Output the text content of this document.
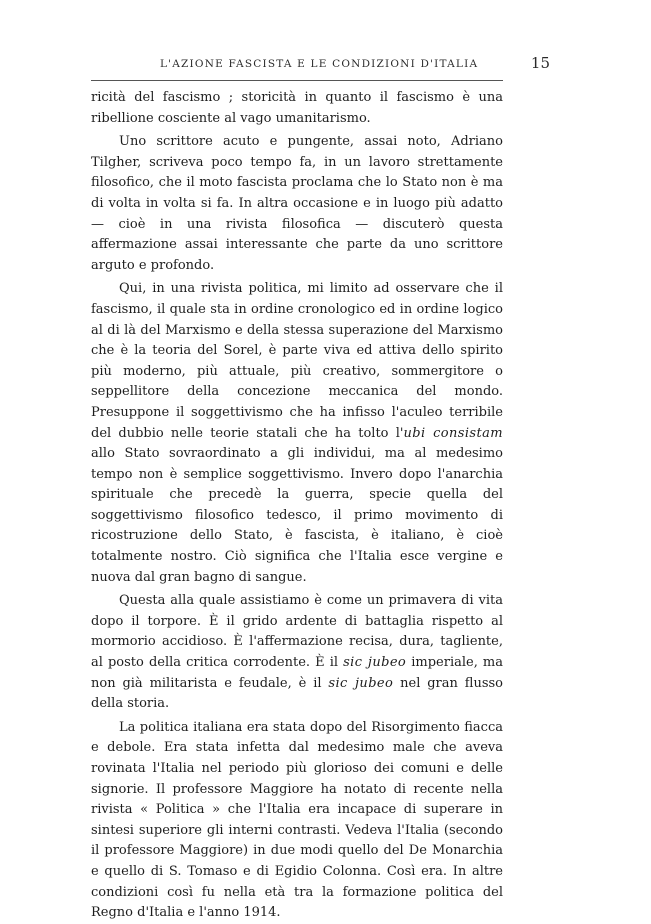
L'AZIONE FASCISTA E LE CONDIZIONI D'ITALIA	15

ricità del fascismo ; storicità in quanto il fascismo è una ribellione cosciente al vago umanitarismo.

Uno scrittore acuto e pungente, assai noto, Adriano Tilgher, scriveva poco tempo fa, in un lavoro strettamente filosofico, che il moto fascista proclama che lo Stato non è ma di volta in volta si fa. In altra occasione e in luogo più adatto — cioè in una rivista filosofica — discuterò questa affermazione assai interessante che parte da uno scrittore arguto e profondo.

Qui, in una rivista politica, mi limito ad osservare che il fascismo, il quale sta in ordine cronologico ed in ordine logico al di là del Marxismo e della stessa superazione del Marxismo che è la teoria del Sorel, è parte viva ed attiva dello spirito più moderno, più attuale, più creativo, sommergitore o seppellitore della concezione meccanica del mondo. Presuppone il soggettivismo che ha infisso l'aculeo terribile del dubbio nelle teorie statali che ha tolto l'ubi consistam allo Stato sovraordinato a gli individui, ma al medesimo tempo non è semplice soggettivismo. Invero dopo l'anarchia spirituale che precedè la guerra, specie quella del soggettivismo filosofico tedesco, il primo movimento di ricostruzione dello Stato, è fascista, è italiano, è cioè totalmente nostro. Ciò significa che l'Italia esce vergine e nuova dal gran bagno di sangue.

Questa alla quale assistiamo è come un primavera di vita dopo il torpore. È il grido ardente di battaglia rispetto al mormorio accidioso. È l'affermazione recisa, dura, tagliente, al posto della critica corrodente. È il sic jubeo imperiale, ma non già militarista e feudale, è il sic jubeo nel gran flusso della storia.

La politica italiana era stata dopo del Risorgimento fiacca e debole. Era stata infetta dal medesimo male che aveva rovinata l'Italia nel periodo più glorioso dei comuni e delle signorie. Il professore Maggiore ha notato di recente nella rivista « Politica » che l'Italia era incapace di superare in sintesi superiore gli interni contrasti. Vedeva l'Italia (secondo il professore Maggiore) in due modi quello del De Monarchia e quello di S. Tomaso e di Egidio Colonna. Così era. In altre condizioni così fu nella età tra la formazione politica del Regno d'Italia e l'anno 1914.
